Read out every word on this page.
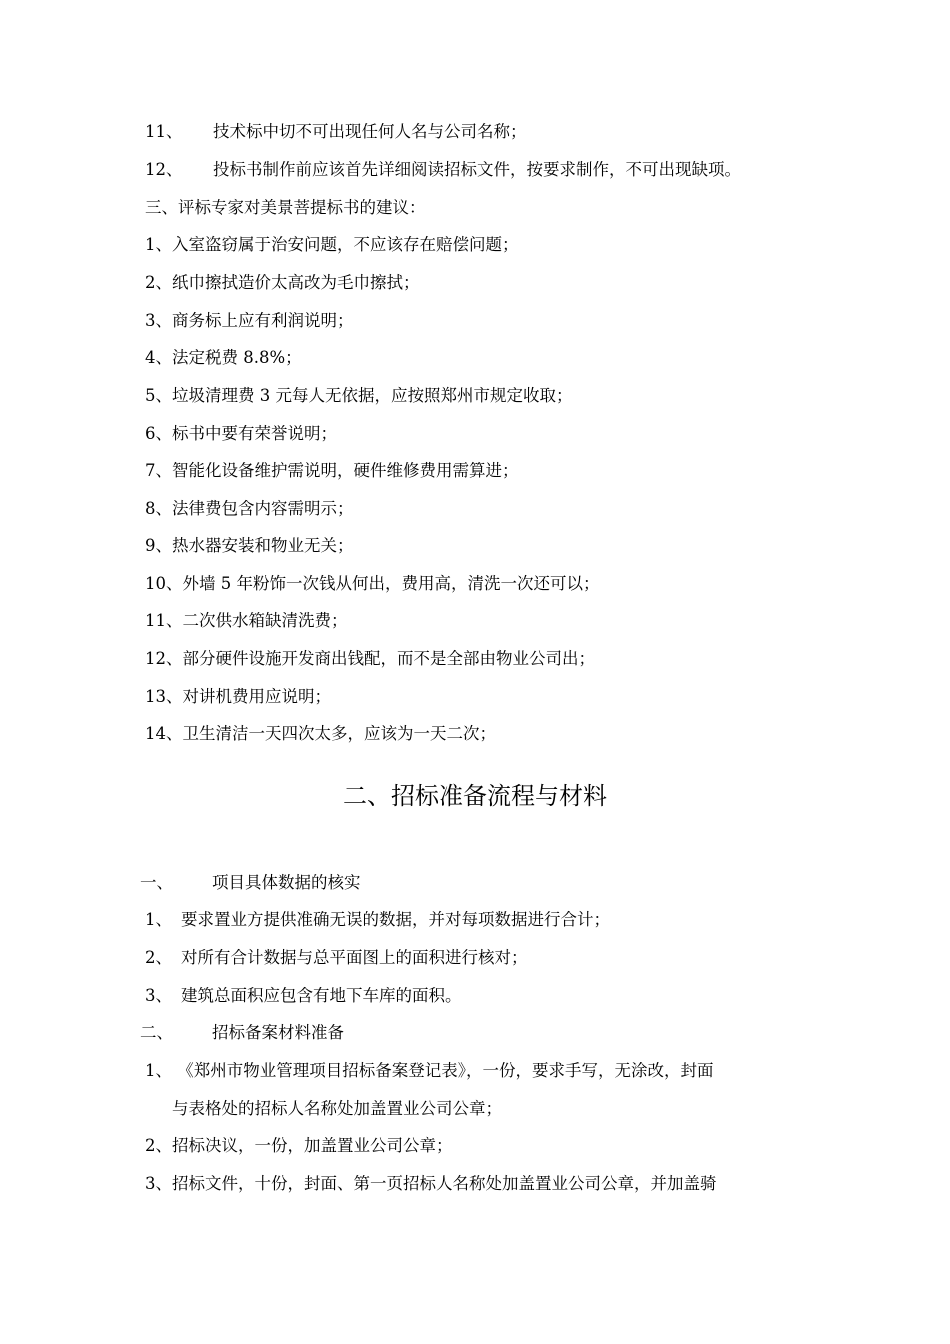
11、 技术标中切不可出现任何人名与公司名称；
12、 投标书制作前应该首先详细阅读招标文件，按要求制作，不可出现缺项。
三、评标专家对美景菩提标书的建议：
1、入室盗窃属于治安问题，不应该存在赔偿问题；
2、纸巾擦拭造价太高改为毛巾擦拭；
3、商务标上应有利润说明；
4、法定税费 8.8%；
5、垃圾清理费 3 元每人无依据，应按照郑州市规定收取；
6、标书中要有荣誉说明；
7、智能化设备维护需说明，硬件维修费用需算进；
8、法律费包含内容需明示；
9、热水器安装和物业无关；
10、外墙 5 年粉饰一次钱从何出，费用高，清洗一次还可以；
11、二次供水箱缺清洗费；
12、部分硬件设施开发商出钱配，而不是全部由物业公司出；
13、对讲机费用应说明；
14、卫生清洁一天四次太多，应该为一天二次；
二、招标准备流程与材料
一、 项目具体数据的核实
1、 要求置业方提供准确无误的数据，并对每项数据进行合计；
2、 对所有合计数据与总平面图上的面积进行核对；
3、 建筑总面积应包含有地下车库的面积。
二、 招标备案材料准备
1、 《郑州市物业管理项目招标备案登记表》，一份，要求手写，无涂改，封面
与表格处的招标人名称处加盖置业公司公章；
2、招标决议，一份，加盖置业公司公章；
3、招标文件，十份，封面、第一页招标人名称处加盖置业公司公章，并加盖骑
